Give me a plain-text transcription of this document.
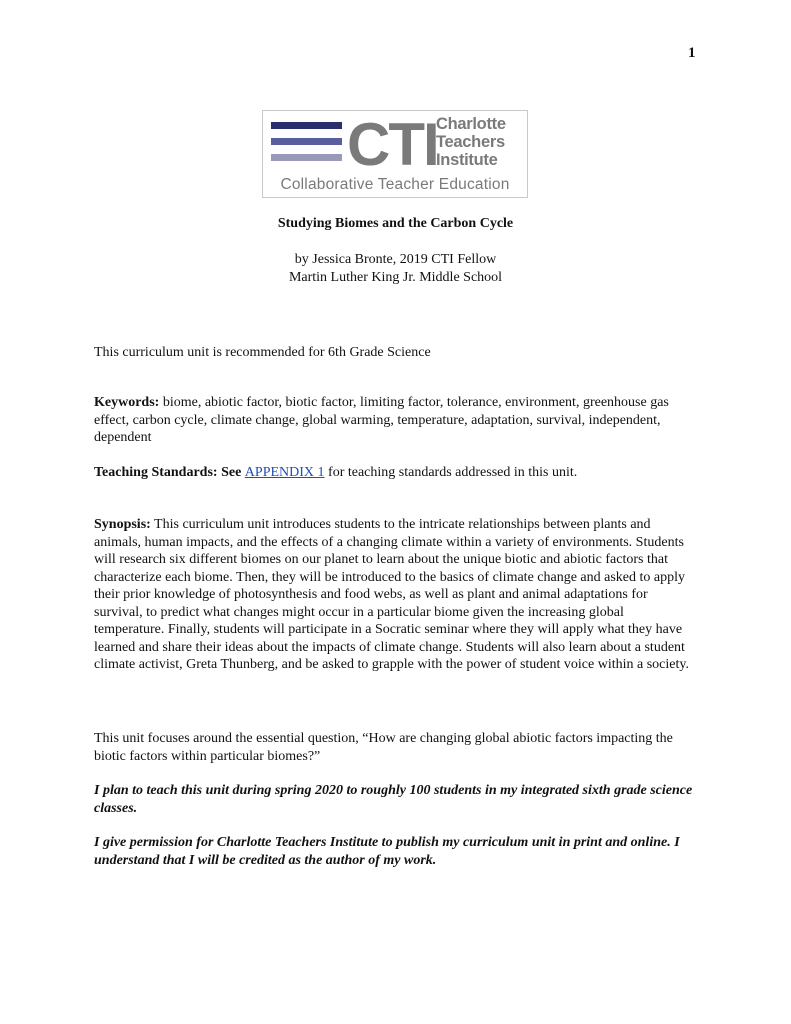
1
CTI
Charlotte
Teachers
Institute
Collaborative Teacher Education
Studying Biomes and the Carbon Cycle
by Jessica Bronte, 2019 CTI Fellow
Martin Luther King Jr. Middle School
This curriculum unit is recommended for 6th Grade Science
Keywords: biome, abiotic factor, biotic factor, limiting factor, tolerance, environment, greenhouse gas effect, carbon cycle, climate change, global warming, temperature, adaptation, survival, independent, dependent
Teaching Standards: See APPENDIX 1 for teaching standards addressed in this unit.
Synopsis: This curriculum unit introduces students to the intricate relationships between plants and animals, human impacts, and the effects of a changing climate within a variety of environments. Students will research six different biomes on our planet to learn about the unique biotic and abiotic factors that characterize each biome. Then, they will be introduced to the basics of climate change and asked to apply their prior knowledge of photosynthesis and food webs, as well as plant and animal adaptations for survival, to predict what changes might occur in a particular biome given the increasing global temperature. Finally, students will participate in a Socratic seminar where they will apply what they have learned and share their ideas about the impacts of climate change. Students will also learn about a student climate activist, Greta Thunberg, and be asked to grapple with the power of student voice within a society.
This unit focuses around the essential question, “How are changing global abiotic factors impacting the biotic factors within particular biomes?”
I plan to teach this unit during spring 2020 to roughly 100 students in my integrated sixth grade science classes.
I give permission for Charlotte Teachers Institute to publish my curriculum unit in print and online. I understand that I will be credited as the author of my work.
